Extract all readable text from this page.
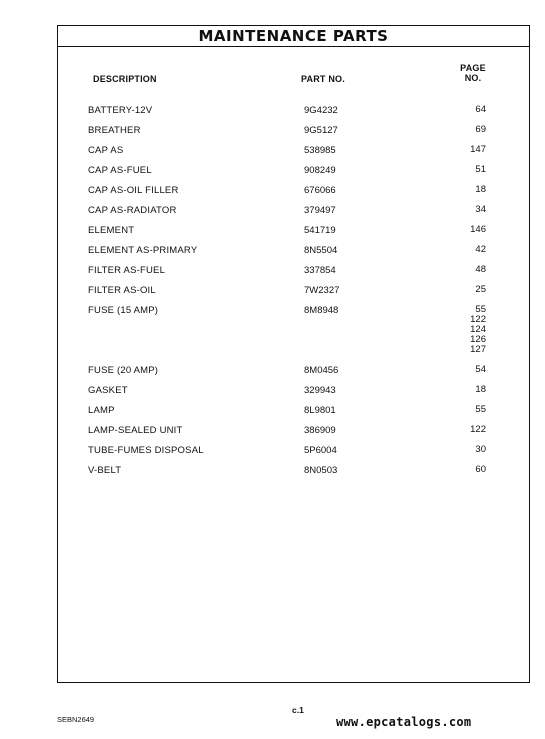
MAINTENANCE PARTS
DESCRIPTION	PART NO.
PAGE
NO.
BATTERY-12V	9G4232	64
BREATHER	9G5127	69
CAP AS	538985	147
CAP AS-FUEL	908249	51
CAP AS-OIL FILLER	676066	18
CAP AS-RADIATOR	379497	34
ELEMENT	541719	146
ELEMENT AS-PRIMARY	8N5504	42
FILTER AS-FUEL	337854	48
FILTER AS-OIL	7W2327	25
FUSE (15 AMP)	8M8948	55
122
124
126
127
FUSE (20 AMP)	8M0456	54
GASKET	329943	18
LAMP	8L9801	55
LAMP-SEALED UNIT	386909	122
TUBE-FUMES DISPOSAL	5P6004	30
V-BELT	8N0503	60
SEBN2649
c.1
www.epcatalogs.com
